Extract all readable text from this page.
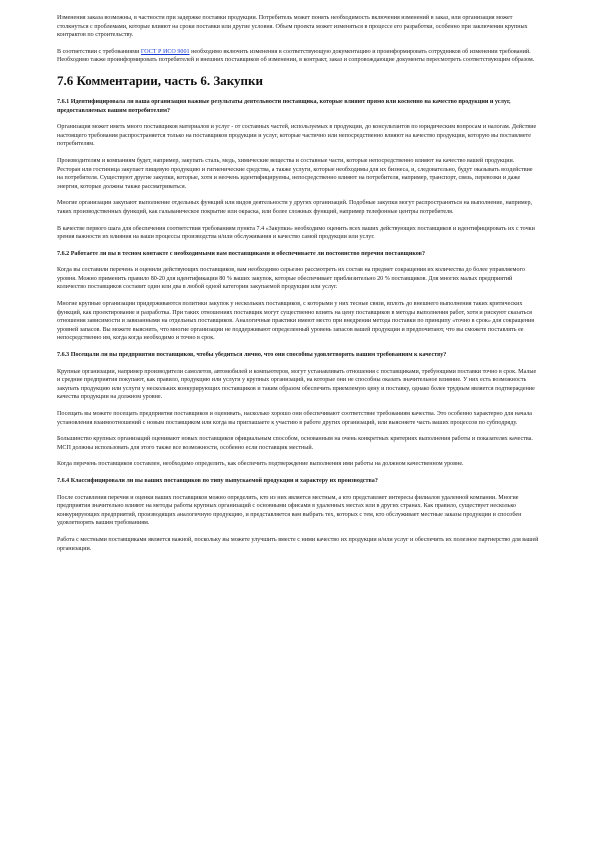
Изменения заказа возможны, в частности при задержке поставки продукции. Потребитель может понять необходимость включения изменений в заказ, или организация может столкнуться с проблемами, которые влияют на сроки поставки или другие условия. Объем проекта может изменяться в процессе его разработки, особенно при заключении крупных контрактов по строительству.

В соответствии с требованиями ГОСТ Р ИСО 9001 необходимо включить изменения в соответствующую документацию и проинформировать сотрудников об изменении требований. Необходимо также проинформировать потребителей и внешних поставщиков об изменении, в контракт, заказ и сопровождающие документы пересмотреть соответствующим образом.

7.6 Комментарии, часть 6. Закупки

7.6.1 Идентифицировала ли ваша организация важные результаты деятельности поставщика, которые влияют прямо или косвенно на качество продукции и услуг, предоставляемых вашим потребителям?

Организация может иметь много поставщиков материалов и услуг - от составных частей, используемых в продукции, до консультантов по юридическим вопросам и налогам. Действие настоящего требования распространяется только на поставщиков продукции и услуг, которые частично или непосредственно влияют на качество продукции, которую вы поставляете потребителям.

Производителям и компаниям будет, например, закупать сталь, медь, химические вещества и составные части, которые непосредственно влияют на качество вашей продукции. Ресторан или гостиница закупает пищевую продукцию и гигиенические средства, а также услуги, которые необходимы для их бизнеса, и, следовательно, будут оказывать воздействие на потребителя. Существуют другие закупки, которые, хотя и неочень идентифицируемы, непосредственно влияют на потребителя, например, транспорт, связь, перевозки и даже энергия, которые должны также рассматриваться.

Многие организации закупают выполнение отдельных функций или видов деятельности у других организаций. Подобные закупки могут распространяться на выполнение, например, таких производственных функций, как гальваническое покрытие или окраска, или более сложных функций, например телефонные центры потребителя.

В качестве первого шага для обеспечения соответствия требованиям пункта 7.4 «Закупки» необходимо оценить всех ваших действующих поставщиков и идентифицировать их с точки зрения важности их влияния на ваши процессы производства и/или обслуживания и качество самой продукции или услуг.

7.6.2 Работаете ли вы в тесном контакте с необходимыми вам поставщиками и обеспечиваете ли постоянство перечня поставщиков?

Когда вы составили перечень и оценили действующих поставщиков, вам необходимо серьезно рассмотреть их состав на предмет сокращения их количества до более управляемого уровня. Можно применить правило 80-20 для идентификации 80 % ваших закупок, которые обеспечивает приблизительно 20 % поставщиков. Для многих малых предприятий количество поставщиков составит один или два в любой одной категории закупаемой продукции или услуг.

Многие крупные организации придерживаются политики закупок у нескольких поставщиков, с которыми у них тесные связи, вплоть до внешнего выполнения таких критических функций, как проектирование и разработка. При таких отношениях поставщик могут существенно влиять на цену поставщиков в методы выполнения работ, хотя и рискуют сказаться отношения зависимости и завязанными на отдельных поставщиков. Аналогичные практики имеют место при внедрении метода поставки по принципу «точно в срок» для сокращения уровней запасов. Вы можете выяснить, что многие организации не поддерживают определенный уровень запасов вашей продукции и предпочитают, что вы сможете поставлять ее непосредственно им, когда когда необходимо и точно в срок.

7.6.3 Посещали ли вы предприятия поставщиков, чтобы убедиться лично, что они способны удовлетворять вашим требованиям к качеству?

Крупные организации, например производители самолетов, автомобилей и компьютеров, могут устанавливать отношения с поставщиками, требующими поставки точно в срок. Малые и средние предприятия покупают, как правило, продукцию или услуги у крупных организаций, на которые они не способны оказать значительное влияние. У них есть возможность закупать продукцию или услуги у нескольких конкурирующих поставщиков и таким образом обеспечить приемлемую цену и поставку, однако более трудным является подтверждение качества продукции на должном уровне.

Посещать вы можете посещать предприятия поставщиков и оценивать, насколько хорошо они обеспечивают соответствие требованиям качества. Это особенно характерно для начала установления взаимоотношений с новым поставщиком или когда вы приглашаете к участию в работе других организаций, или выясняете часть ваших процессов по субподряду.

Большинство крупных организаций оценивают новых поставщиков официальным способом, основанным на очень конкретных критериях выполнения работы и показателях качества. МСП должны использовать для этого также все возможности, особенно если поставщик местный.

Когда перечень поставщиков составлен, необходимо определить, как обеспечить подтверждение выполнения ими работы на должном качественном уровне.

7.6.4 Классифицировали ли вы ваших поставщиков по типу выпускаемой продукции и характеру их производства?

После составления перечня и оценки ваших поставщиков можно определить, кто из них является местным, а кто представляет интересы филиалов удаленной компании. Многие предприятия значительно влияют на методы работы крупных организаций с основными офисами в удаленных местах или в других странах. Как правило, существует несколько конкурирующих предприятий, производящих аналогичную продукцию, и представляется вам выбрать тех, которых с тем, кто обслуживает местные заказы продукции и способен удовлетворять вашим требованиям.

Работа с местными поставщиками является важной, поскольку вы можете улучшить вместе с ними качество их продукции и/или услуг и обеспечить их полезное партнерство для вашей организации.
